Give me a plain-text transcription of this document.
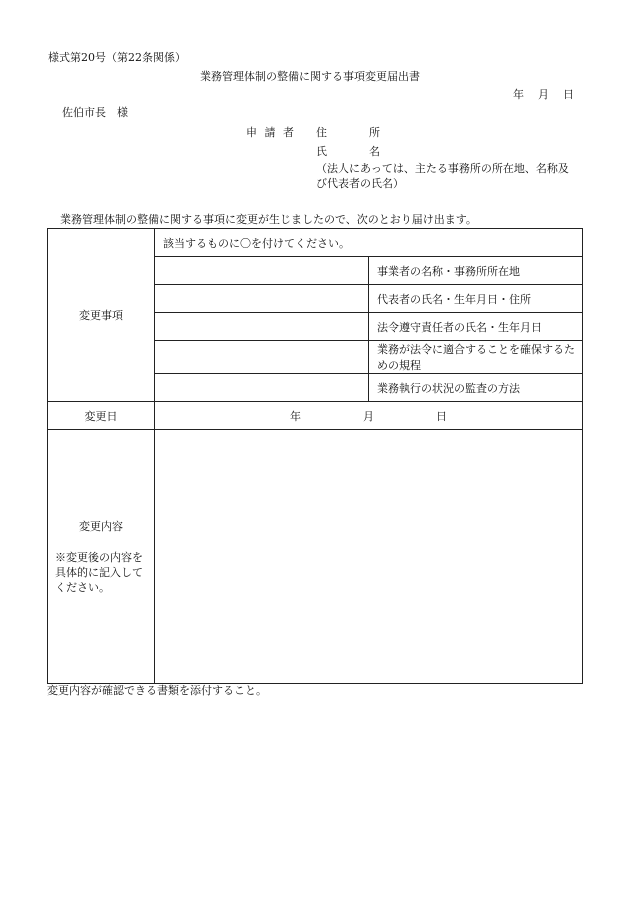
様式第20号（第22条関係）
業務管理体制の整備に関する事項変更届出書
年 月 日
佐伯市長　様
申 請 者 住	所
氏	名
（法人にあっては、主たる事務所の所在地、名称及び代表者の氏名）
業務管理体制の整備に関する事項に変更が生じましたので、次のとおり届け出ます。
変更事項	該当するものに〇を付けてください。	
		事業者の名称・事務所所在地
		代表者の氏名・生年月日・住所
		法令遵守責任者の氏名・生年月日
		業務が法令に適合することを確保するための規程
		業務執行の状況の監査の方法
変更日	年 月 日	

変更内容
※変更後の内容を具体的に記入してください。		

変更内容が確認できる書類を添付すること。
